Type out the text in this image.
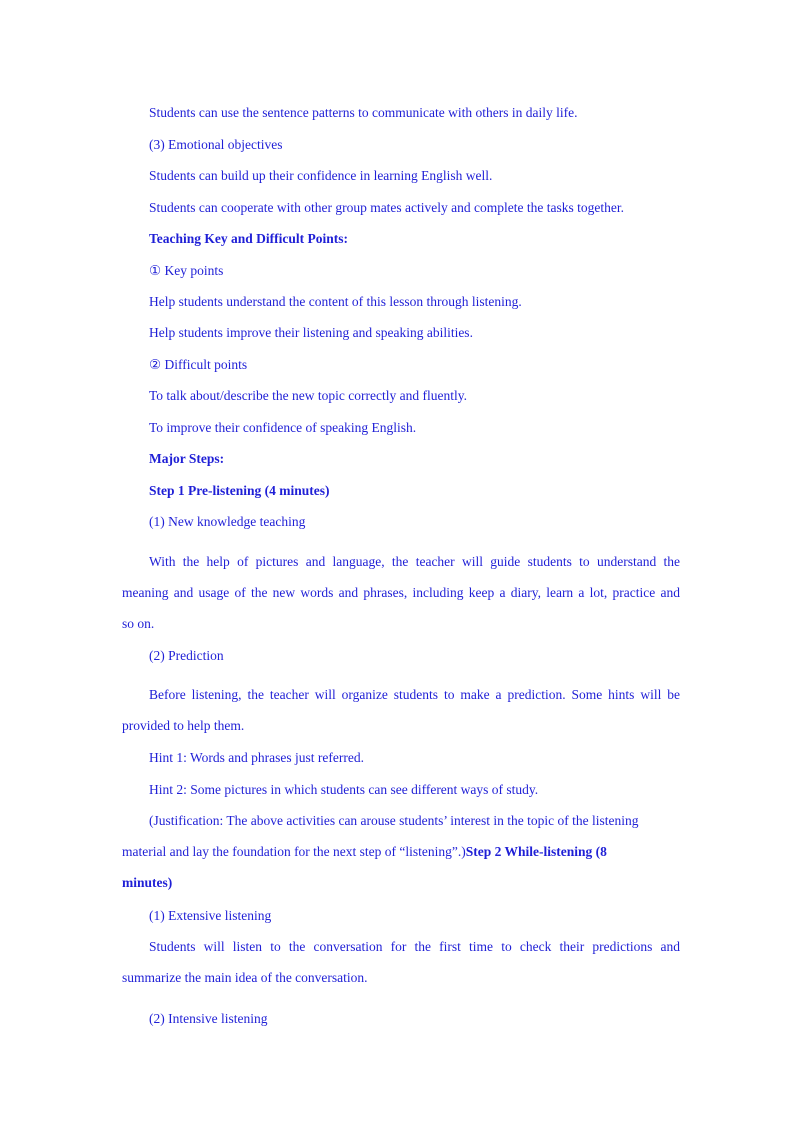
Students can use the sentence patterns to communicate with others in daily life.
(3) Emotional objectives
Students can build up their confidence in learning English well.
Students can cooperate with other group mates actively and complete the tasks together.
Teaching Key and Difficult Points:
① Key points
Help students understand the content of this lesson through listening.
Help students improve their listening and speaking abilities.
② Difficult points
To talk about/describe the new topic correctly and fluently.
To improve their confidence of speaking English.
Major Steps:
Step 1 Pre-listening (4 minutes)
(1) New knowledge teaching
With the help of pictures and language, the teacher will guide students to understand the
meaning and usage of the new words and phrases, including keep a diary, learn a lot, practice and
so on.
(2) Prediction
Before listening, the teacher will organize students to make a prediction. Some hints will be
provided to help them.
Hint 1: Words and phrases just referred.
Hint 2: Some pictures in which students can see different ways of study.
(Justification: The above activities can arouse students’ interest in the topic of the listening
material and lay the foundation for the next step of “listening”.)Step 2 While-listening (8
minutes)
(1) Extensive listening
Students will listen to the conversation for the first time to check their predictions and
summarize the main idea of the conversation.
(2) Intensive listening
